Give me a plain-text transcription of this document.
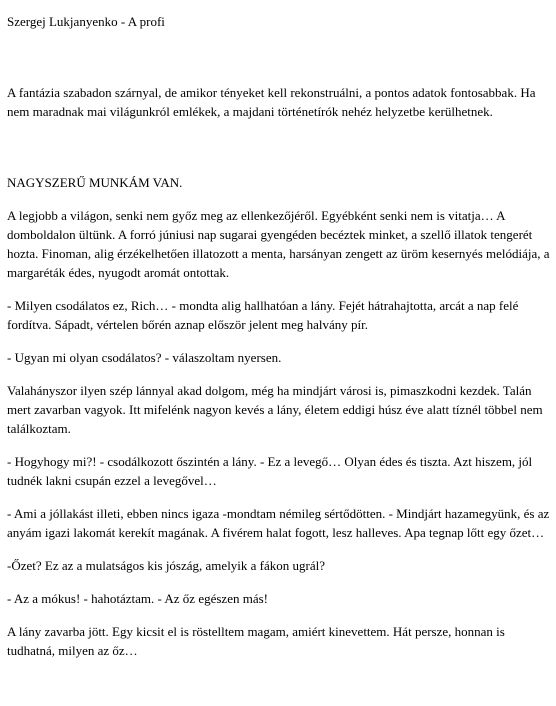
Szergej Lukjanyenko - A profi

A fantázia szabadon szárnyal, de amikor tényeket kell rekonstruálni, a pontos adatok fontosabbak. Ha nem maradnak mai világunkról emlékek, a majdani történetírók nehéz helyzetbe kerülhetnek.

NAGYSZERŰ MUNKÁM VAN.

A legjobb a világon, senki nem győz meg az ellenkezőjéről. Egyébként senki nem is vitatja… A domboldalon ültünk. A forró júniusi nap sugarai gyengéden becéztek minket, a szellő illatok tengerét hozta. Finoman, alig érzékelhetően illatozott a menta, harsányan zengett az üröm kesernyés melódiája, a margaréták édes, nyugodt aromát ontottak.

- Milyen csodálatos ez, Rich… - mondta alig hallhatóan a lány. Fejét hátrahajtotta, arcát a nap felé fordítva. Sápadt, vértelen bőrén aznap először jelent meg halvány pír.

- Ugyan mi olyan csodálatos? - válaszoltam nyersen.

Valahányszor ilyen szép lánnyal akad dolgom, még ha mindjárt városi is, pimaszkodni kezdek. Talán mert zavarban vagyok. Itt mifelénk nagyon kevés a lány, életem eddigi húsz éve alatt tíznél többel nem találkoztam.

- Hogyhogy mi?! - csodálkozott őszintén a lány. - Ez a levegő… Olyan édes és tiszta. Azt hiszem, jól tudnék lakni csupán ezzel a levegővel…

- Ami a jóllakást illeti, ebben nincs igaza -mondtam némileg sértődötten. - Mindjárt hazamegyünk, és az anyám igazi lakomát kerekít magának. A fivérem halat fogott, lesz halleves. Apa tegnap lőtt egy őzet…

-Őzet? Ez az a mulatságos kis jószág, amelyik a fákon ugrál?

- Az a mókus! - hahotáztam. - Az őz egészen más!

A lány zavarba jött. Egy kicsit el is röstelltem magam, amiért kinevettem. Hát persze, honnan is tudhatná, milyen az őz…
